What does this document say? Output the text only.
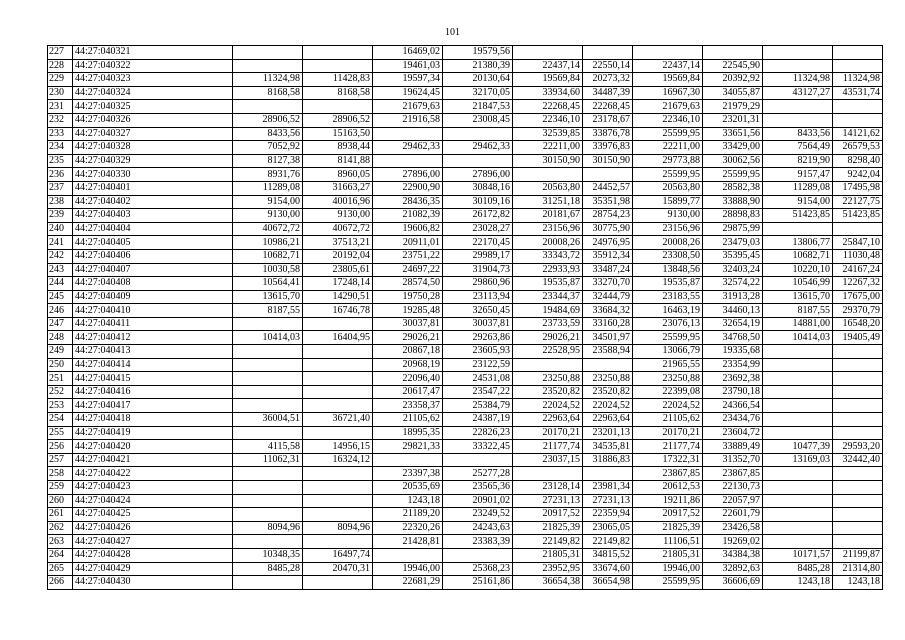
101
227	44:27:040321			16469,02	19579,56						
228	44:27:040322			19461,03	21380,39	22437,14	22550,14	22437,14	22545,90		
229	44:27:040323	11324,98	11428,83	19597,34	20130,64	19569,84	20273,32	19569,84	20392,92	11324,98	11324,98
230	44:27:040324	8168,58	8168,58	19624,45	32170,05	33934,60	34487,39	16967,30	34055,87	43127,27	43531,74
231	44:27:040325			21679,63	21847,53	22268,45	22268,45	21679,63	21979,29		
232	44:27:040326	28906,52	28906,52	21916,58	23008,45	22346,10	23178,67	22346,10	23201,31		
233	44:27:040327	8433,56	15163,50			32539,85	33876,78	25599,95	33651,56	8433,56	14121,62
234	44:27:040328	7052,92	8938,44	29462,33	29462,33	22211,00	33976,83	22211,00	33429,00	7564,49	26579,53
235	44:27:040329	8127,38	8141,88			30150,90	30150,90	29773,88	30062,56	8219,90	8298,40
236	44:27:040330	8931,76	8960,05	27896,00	27896,00			25599,95	25599,95	9157,47	9242,04
237	44:27:040401	11289,08	31663,27	22900,90	30848,16	20563,80	24452,57	20563,80	28582,38	11289,08	17495,98
238	44:27:040402	9154,00	40016,96	28436,35	30109,16	31251,18	35351,98	15899,77	33888,90	9154,00	22127,75
239	44:27:040403	9130,00	9130,00	21082,39	26172,82	20181,67	28754,23	9130,00	28898,83	51423,85	51423,85
240	44:27:040404	40672,72	40672,72	19606,82	23028,27	23156,96	30775,90	23156,96	29875,99		
241	44:27:040405	10986,21	37513,21	20911,01	22170,45	20008,26	24976,95	20008,26	23479,03	13806,77	25847,10
242	44:27:040406	10682,71	20192,04	23751,22	29989,17	33343,72	35912,34	23308,50	35395,45	10682,71	11030,48
243	44:27:040407	10030,58	23805,61	24697,22	31904,73	22933,93	33487,24	13848,56	32403,24	10220,10	24167,24
244	44:27:040408	10564,41	17248,14	28574,50	29860,96	19535,87	33270,70	19535,87	32574,22	10546,99	12267,32
245	44:27:040409	13615,70	14290,51	19750,28	23113,94	23344,37	32444,79	23183,55	31913,28	13615,70	17675,00
246	44:27:040410	8187,55	16746,78	19285,48	32650,45	19484,69	33684,32	16463,19	34460,13	8187,55	29370,79
247	44:27:040411			30037,81	30037,81	23733,59	33160,28	23076,13	32654,19	14881,00	16548,20
248	44:27:040412	10414,03	16404,95	29026,21	29263,86	29026,21	34501,97	25599,95	34768,50	10414,03	19405,49
249	44:27:040413			20867,18	23605,93	22528,95	23588,94	13066,79	19335,68		
250	44:27:040414			20968,19	23122,59			21965,55	23354,99		
251	44:27:040415			22096,40	24531,08	23250,88	23250,88	23250,88	23692,38		
252	44:27:040416			20617,47	23547,22	23520,82	23520,82	22399,08	23790,18		
253	44:27:040417			23358,37	25384,79	22024,52	22024,52	22024,52	24366,54		
254	44:27:040418	36004,51	36721,40	21105,62	24387,19	22963,64	22963,64	21105,62	23434,76		
255	44:27:040419			18995,35	22826,23	20170,21	23201,13	20170,21	23604,72		
256	44:27:040420	4115,58	14956,15	29821,33	33322,45	21177,74	34535,81	21177,74	33889,49	10477,39	29593,20
257	44:27:040421	11062,31	16324,12			23037,15	31886,83	17322,31	31352,70	13169,03	32442,40
258	44:27:040422			23397,38	25277,28			23867,85	23867,85		
259	44:27:040423			20535,69	23565,36	23128,14	23981,34	20612,53	22130,73		
260	44:27:040424			1243,18	20901,02	27231,13	27231,13	19211,86	22057,97		
261	44:27:040425			21189,20	23249,52	20917,52	22359,94	20917,52	22601,79		
262	44:27:040426	8094,96	8094,96	22320,26	24243,63	21825,39	23065,05	21825,39	23426,58		
263	44:27:040427			21428,81	23383,39	22149,82	22149,82	11106,51	19269,02		
264	44:27:040428	10348,35	16497,74			21805,31	34815,52	21805,31	34384,38	10171,57	21199,87
265	44:27:040429	8485,28	20470,31	19946,00	25368,23	23952,95	33674,60	19946,00	32892,63	8485,28	21314,80
266	44:27:040430			22681,29	25161,86	36654,38	36654,98	25599,95	36606,69	1243,18	1243,18
